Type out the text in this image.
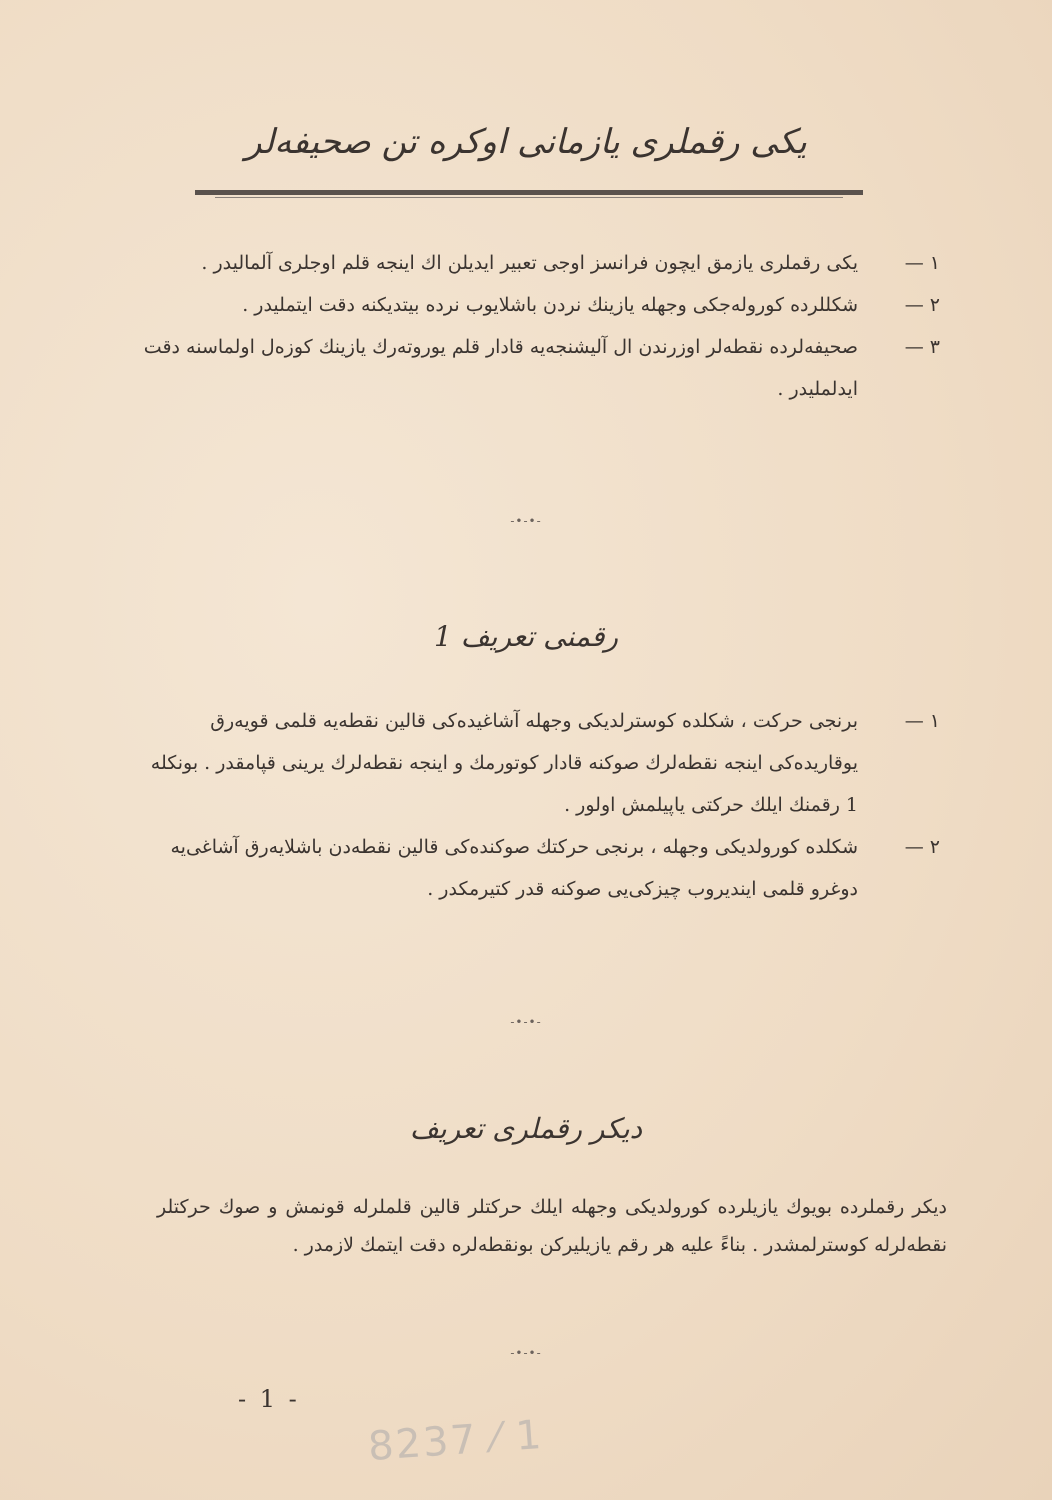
یکی رقملری یازمانی اوکره تن صحیفه‌لر
۱ —
یکی رقملری یازمق ایچون فرانسز اوجی تعبیر ایدیلن اك اینجه قلم اوجلری آلمالیدر .
۲ —
شکللرده کوروله‌جکی وجهله یازینك نردن باشلایوب نرده بیتدیکنه دقت ایتملیدر .
۳ —
صحیفه‌لرده نقطه‌لر اوزرندن ال آلیشنجه‌یه قادار قلم یوروته‌رك یازینك کوزه‌ل اولماسنه دقت ایدلملیدر .
-•-•-
رقمنی تعریف 1
۱ —
برنجی حرکت ، شکلده کوسترلدیکی وجهله آشاغیده‌کی قالین نقطه‌یه قلمی قویه‌رق یوقاریده‌کی اینجه نقطه‌لرك صوکنه قادار کوتورمك و اینجه نقطه‌لرك یرینی قپامقدر . بونکله 1 رقمنك ایلك حرکتی یاپیلمش اولور .
۲ —
شکلده کورولدیکی وجهله ، برنجی حرکتك صوکنده‌کی قالین نقطه‌دن باشلایه‌رق آشاغی‌یه دوغرو قلمی ایندیروب چیزکی‌یی صوکنه قدر کتیرمکدر .
-•-•-
دیکر رقملری تعریف
دیکر رقملرده بویوك یازیلرده کورولدیکی وجهله ایلك حرکتلر قالین قلملرله قونمش و صوك حرکتلر نقطه‌لرله کوسترلمشدر . بناءً علیه هر رقم یازیلیرکن بونقطه‌لره دقت ایتمك لازمدر .
-•-•-
- 1 -
8237 ⁄ 1
